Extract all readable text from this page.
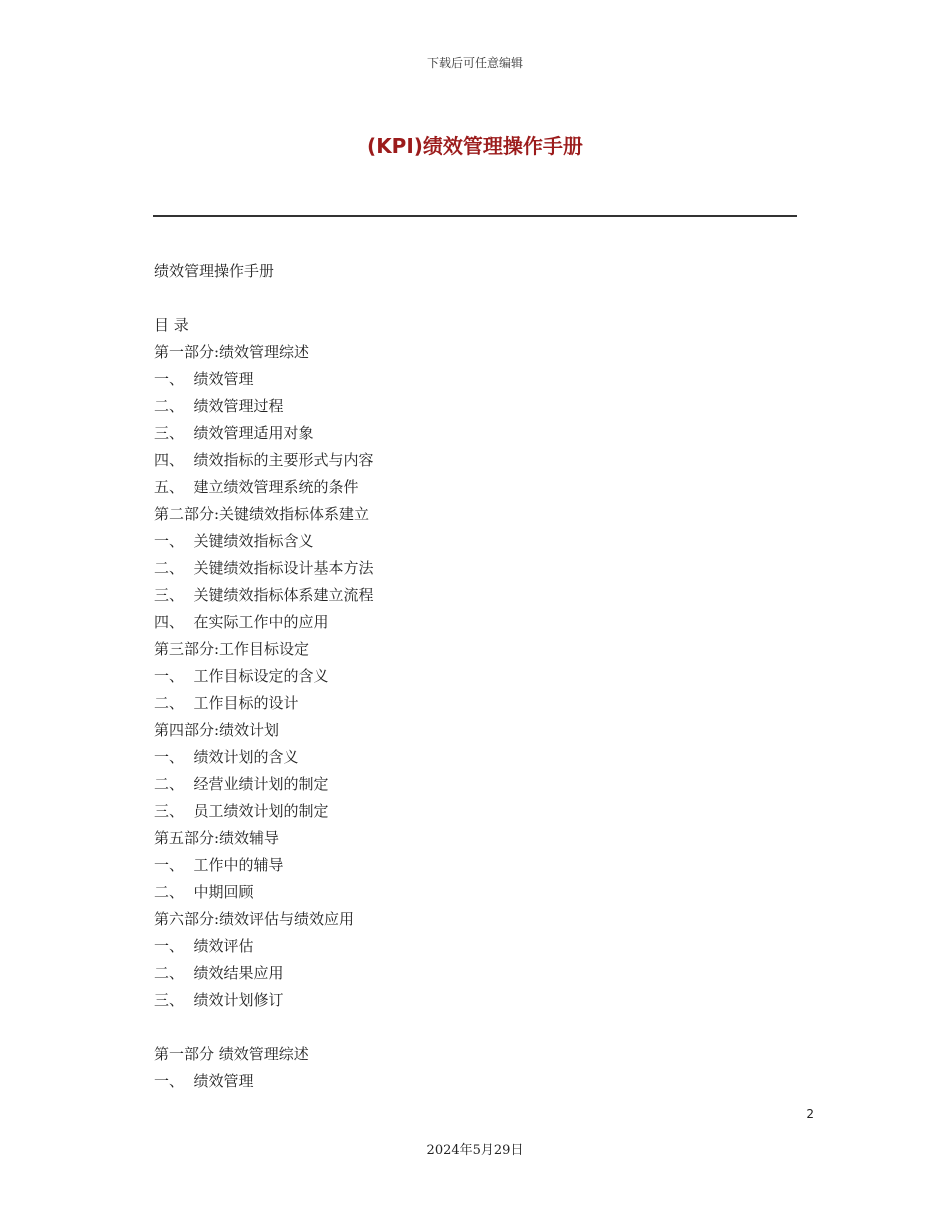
下载后可任意编辑
(KPI)绩效管理操作手册
绩效管理操作手册
目 录
第一部分:绩效管理综述
一、  绩效管理
二、  绩效管理过程
三、  绩效管理适用对象
四、  绩效指标的主要形式与内容
五、  建立绩效管理系统的条件
第二部分:关键绩效指标体系建立
一、  关键绩效指标含义
二、  关键绩效指标设计基本方法
三、  关键绩效指标体系建立流程
四、  在实际工作中的应用
第三部分:工作目标设定
一、  工作目标设定的含义
二、  工作目标的设计
第四部分:绩效计划
一、  绩效计划的含义
二、  经营业绩计划的制定
三、  员工绩效计划的制定
第五部分:绩效辅导
一、  工作中的辅导
二、  中期回顾
第六部分:绩效评估与绩效应用
一、  绩效评估
二、  绩效结果应用
三、  绩效计划修订
第一部分 绩效管理综述
一、  绩效管理
2
2024年5月29日
